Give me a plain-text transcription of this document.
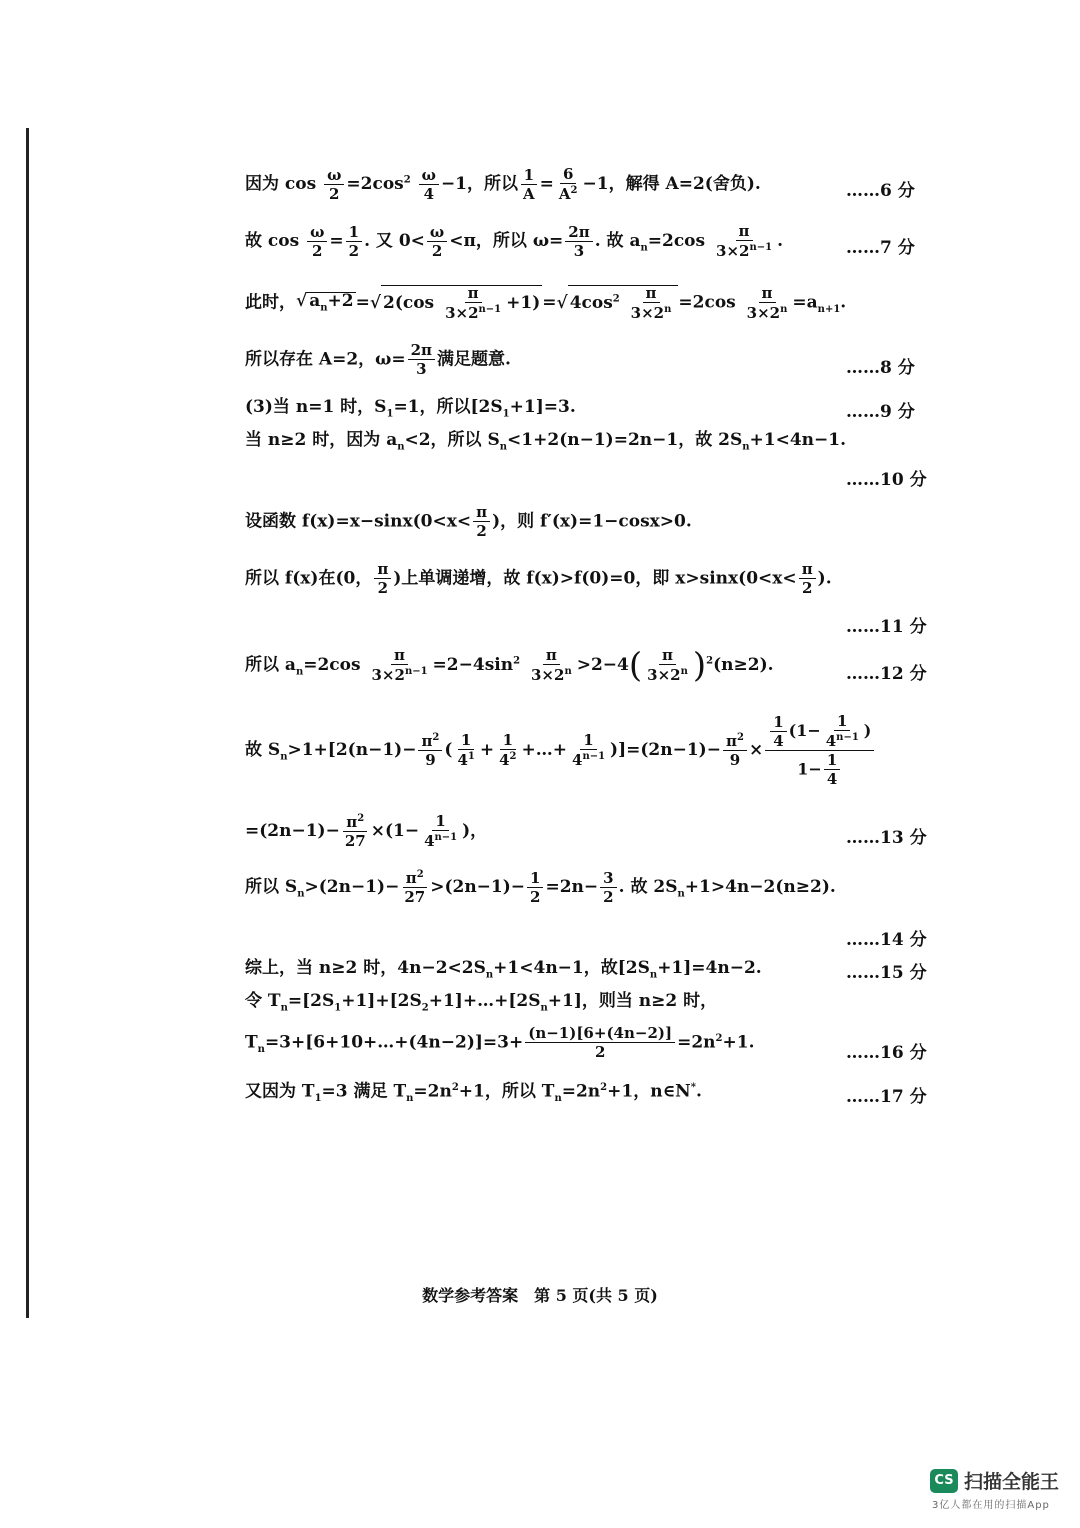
因为 $\cos \frac{\omega}{2} =2\cos^2 \frac{\omega}{4} -1$，所以 $\frac{1}{A} = \frac{6}{A^2} -1$，解得 A=2(舍负).	……6 分
故 $\cos \frac{\omega}{2} = \frac{1}{2}$ . 又 $0< \frac{\omega}{2} <\pi$，所以 $\omega= \frac{2\pi}{3}$ . 故 $a_n=2\cos \frac{\pi}{3\times 2^{n-1}}$ .	……7 分
此时，√ $a_n+2$ =√ $2(\cos \frac{\pi}{3\times 2^{n-1}} +1)$ =√ $4\cos^2 \frac{\pi}{3\times 2^n} =2\cos \frac{\pi}{3\times 2^n} =a_{n+1}$.
所以存在 A=2，$\omega= \frac{2\pi}{3}$ 满足题意.	……8 分
(3)当 n=1 时，$S_1=1$，所以$[2S_1+1]=3$.	……9 分
当 n≥2 时，因为 $a_n<2$，所以 $S_n<1+2(n-1)=2n-1$，故 $2S_n+1<4n-1$.
……10 分
设函数 $f(x)=x-\sin x(0<x< \frac{\pi}{2}$ )，则 f′(x)=1−cosx>0.
所以 f(x)在(0， $\frac{\pi}{2}$ )上单调递增，故 f(x)>f(0)=0，即 $x>\sin x(0<x< \frac{\pi}{2}$ ).
……11 分
所以 $a_n=2\cos \frac{\pi}{3\times 2^{n-1}} =2-4\sin^2 \frac{\pi}{3\times 2^n} >2-4( \frac{\pi}{3\times 2^n} )^2(n\ge 2)$.	……12 分
故 $S_n>1+[2(n-1)- \frac{\pi^2}{9}$ ( $\frac{1}{4^1} + \frac{1}{4^2}$ +…+ $\frac{1}{4^{n-1}} )]=(2n-1)- \frac{\pi^2}{9} \times \frac{\frac{1}{4} (1- \frac{1}{4^{n-1}} )}{1- \frac{1}{4}}$
$=(2n-1)- \frac{\pi^2}{27} \times(1- \frac{1}{4^{n-1}}$ )，	……13 分
所以 $S_n>(2n-1)- \frac{\pi^2}{27} >(2n-1)- \frac{1}{2} =2n- \frac{3}{2}$ . 故 $2S_n+1>4n-2(n\ge 2)$.
……14 分
综上，当 n≥2 时，$4n-2<2S_n+1<4n-1$，故$[2S_n+1]=4n-2$.	……15 分
令 $T_n=[2S_1+1]+[2S_2+1]+\dots+[2S_n+1]$，则当 n≥2 时，
$T_n=3+[6+10+\dots+(4n-2)]=3+ \frac{(n-1)[6+(4n-2)]}{2} =2n^2+1$.
……16 分
又因为 $T_1=3$ 满足 $T_n=2n^2+1$，所以 $T_n=2n^2+1$，n∈N*.	……17 分
数学参考答案　第 5 页(共 5 页)
CS 扫描全能王
3亿人都在用的扫描App
